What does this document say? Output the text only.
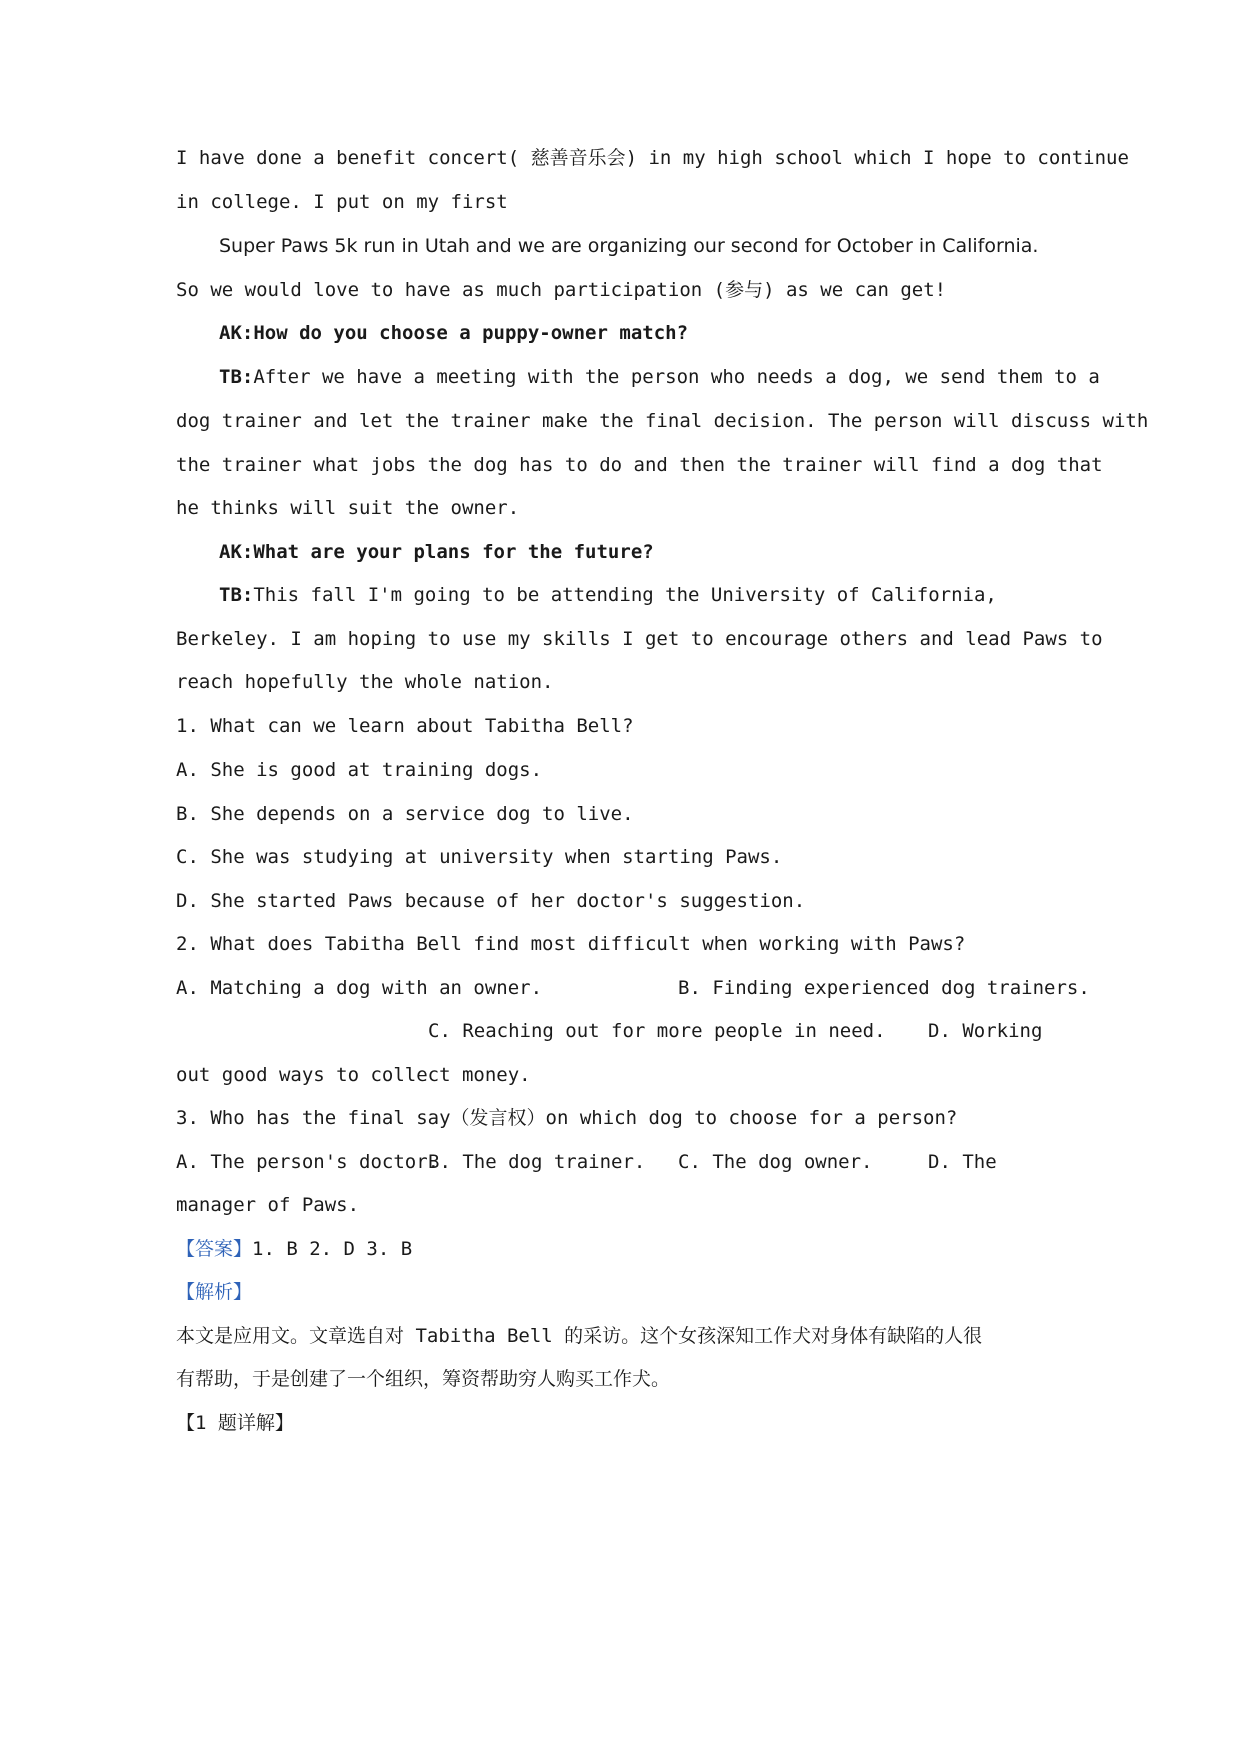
I have done a benefit concert( 慈善音乐会) in my high school which I hope to continue

in college. I put on my first

Super Paws 5k run in Utah and we are organizing our second for October in California.

So we would love to have as much participation (参与) as we can get!

AK:How do you choose a puppy-owner match?

TB:After we have a meeting with the person who needs a dog, we send them to a

dog trainer and let the trainer make the final decision. The person will discuss with

the trainer what jobs the dog has to do and then the trainer will find a dog that

he thinks will suit the owner.

AK:What are your plans for the future?

TB:This fall I'm going to be attending the University of California,

Berkeley. I am hoping to use my skills I get to encourage others and lead Paws to

reach hopefully the whole nation.

1. What can we learn about Tabitha Bell?

A. She is good at training dogs.

B. She depends on a service dog to live.

C. She was studying at university when starting Paws.

D. She started Paws because of her doctor's suggestion.

2. What does Tabitha Bell find most difficult when working with Paws?

A. Matching a dog with an owner.	B. Finding experienced dog trainers.
C. Reaching out for more people in need. D. Working

out good ways to collect money.

3. Who has the final say（发言权）on which dog to choose for a person?

A. The person's doctor.
B. The dog trainer. C. The dog owner.	D. The

manager of Paws.

【答案】1. B 2. D 3. B

【解析】

本文是应用文。文章选自对 Tabitha Bell 的采访。这个女孩深知工作犬对身体有缺陷的人很

有帮助，于是创建了一个组织，筹资帮助穷人购买工作犬。

【1 题详解】
